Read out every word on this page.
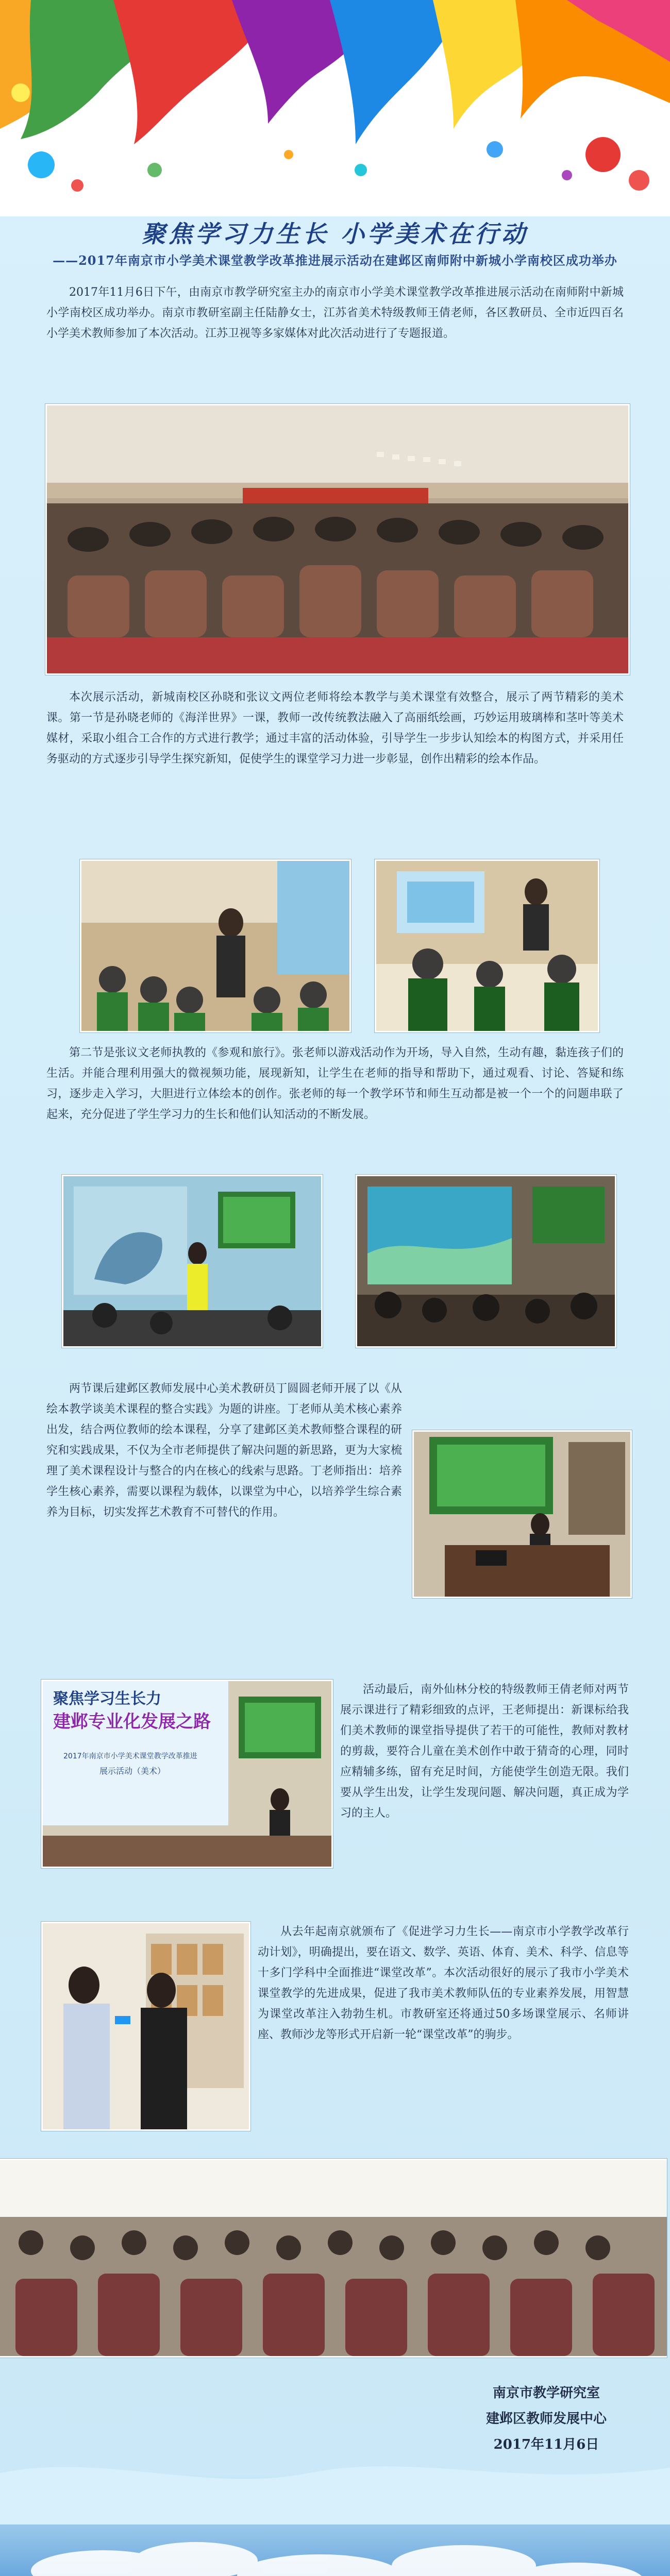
聚焦学习力生长 小学美术在行动
——2017年南京市小学美术课堂教学改革推进展示活动在建邺区南师附中新城小学南校区成功举办
2017年11月6日下午，由南京市教学研究室主办的南京市小学美术课堂教学改革推进展示活动在南师附中新城小学南校区成功举办。南京市教研室副主任陆静女士，江苏省美术特级教师王倩老师，各区教研员、全市近四百名小学美术教师参加了本次活动。江苏卫视等多家媒体对此次活动进行了专题报道。
本次展示活动，新城南校区孙晓和张议文两位老师将绘本教学与美术课堂有效整合，展示了两节精彩的美术课。第一节是孙晓老师的《海洋世界》一课，教师一改传统教法融入了高丽纸绘画，巧妙运用玻璃棒和茎叶等美术媒材，采取小组合工合作的方式进行教学；通过丰富的活动体验，引导学生一步步认知绘本的构图方式，并采用任务驱动的方式逐步引导学生探究新知，促使学生的课堂学习力进一步彰显，创作出精彩的绘本作品。
第二节是张议文老师执教的《参观和旅行》。张老师以游戏活动作为开场，导入自然，生动有趣，黏连孩子们的生活。并能合理利用强大的微视频功能，展现新知，让学生在老师的指导和帮助下，通过观看、讨论、答疑和练习，逐步走入学习，大胆进行立体绘本的创作。张老师的每一个教学环节和师生互动都是被一个一个的问题串联了起来，充分促进了学生学习力的生长和他们认知活动的不断发展。
两节课后建邺区教师发展中心美术教研员丁圆圆老师开展了以《从绘本教学谈美术课程的整合实践》为题的讲座。丁老师从美术核心素养出发，结合两位教师的绘本课程，分享了建邺区美术教师整合课程的研究和实践成果，不仅为全市老师提供了解决问题的新思路，更为大家梳理了美术课程设计与整合的内在核心的线索与思路。丁老师指出：培养学生核心素养，需要以课程为载体，以课堂为中心，以培养学生综合素养为目标，切实发挥艺术教育不可替代的作用。
聚焦学习生长力
建邺专业化发展之路
2017年南京市小学美术课堂教学改革推进
展示活动（美术）
活动最后，南外仙林分校的特级教师王倩老师对两节展示课进行了精彩细致的点评，王老师提出：新课标给我们美术教师的课堂指导提供了若干的可能性，教师对教材的剪裁，要符合儿童在美术创作中敢于猜奇的心理，同时应精辅多练，留有充足时间，方能使学生创造无限。我们要从学生出发，让学生发现问题、解决问题，真正成为学习的主人。
从去年起南京就颁布了《促进学习力生长——南京市小学教学改革行动计划》，明确提出，要在语文、数学、英语、体育、美术、科学、信息等十多门学科中全面推进“课堂改革”。本次活动很好的展示了我市小学美术课堂教学的先进成果，促进了我市美术教师队伍的专业素养发展，用智慧为课堂改革注入勃勃生机。市教研室还将通过50多场课堂展示、名师讲座、教师沙龙等形式开启新一轮“课堂改革”的驹步。
南京市教学研究室
建邺区教师发展中心
2017年11月6日
